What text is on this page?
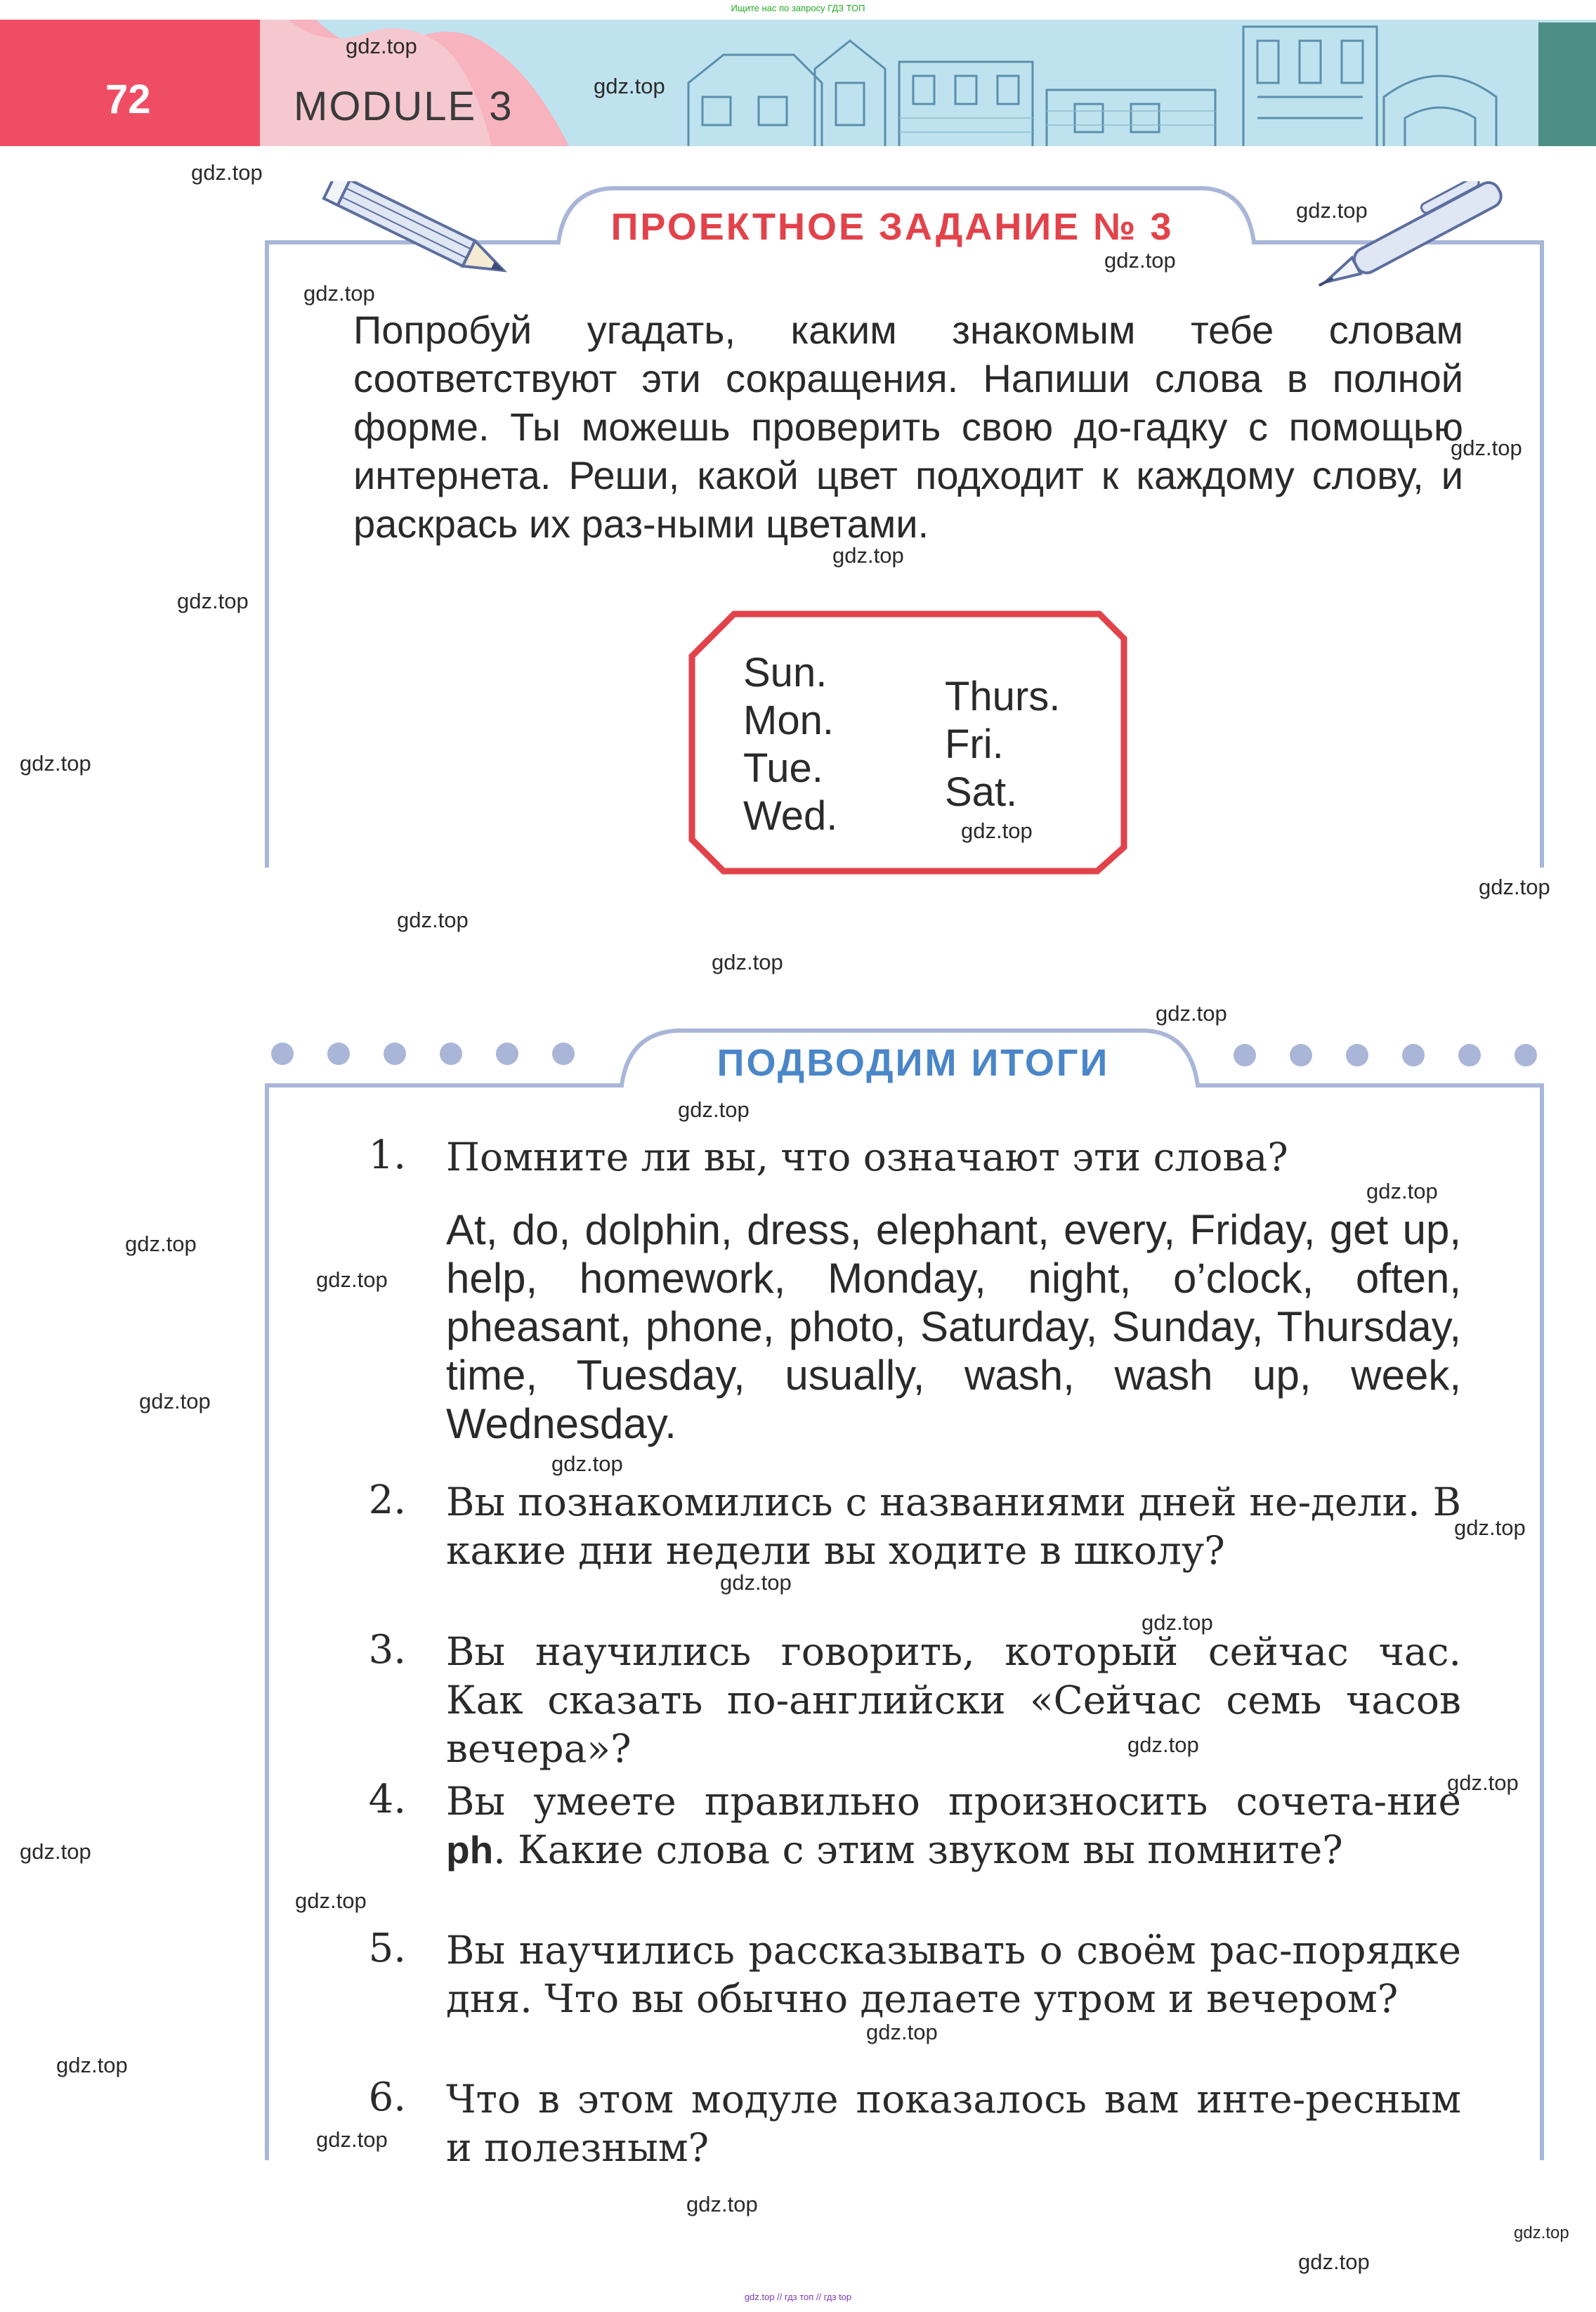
Ищите нас по запросу ГДЗ ТОП
72	MODULE 3
ПРОЕКТНОЕ ЗАДАНИЕ № 3
Попробуй угадать, каким знакомым тебе словам соответствуют эти сокращения. Напиши слова в полной форме. Ты можешь проверить свою до-гадку с помощью интернета. Реши, какой цвет подходит к каждому слову, и раскрась их раз-ными цветами.
Sun.
Mon.
Tue.
Wed.
Thurs.
Fri.
Sat.
ПОДВОДИМ ИТОГИ
1. Помните ли вы, что означают эти слова?
At, do, dolphin, dress, elephant, every, Friday, get up, help, homework, Monday, night, o’clock, often, pheasant, phone, photo, Saturday, Sunday, Thursday, time, Tuesday, usually, wash, wash up, week, Wednesday.
2. Вы познакомились с названиями дней не-дели. В какие дни недели вы ходите в школу?
3. Вы научились говорить, который сейчас час. Как сказать по-английски «Сейчас семь часов вечера»?
4. Вы умеете правильно произносить сочета-ние ph. Какие слова с этим звуком вы помните?
5. Вы научились рассказывать о своём рас-порядке дня. Что вы обычно делаете утром и вечером?
6. Что в этом модуле показалось вам инте-ресным и полезным?
gdz.top
gdz.top
gdz.top
gdz.top
gdz.top
gdz.top
gdz.top
gdz.top
gdz.top
gdz.top
gdz.top
gdz.top
gdz.top
gdz.top
gdz.top
gdz.top
gdz.top
gdz.top
gdz.top
gdz.top
gdz.top
gdz.top
gdz.top
gdz.top
gdz.top
gdz.top
gdz.top
gdz.top
gdz.top
gdz.top
gdz.top
gdz.top
gdz.top
gdz.top
gdz.top // гдз топ // гдз top
